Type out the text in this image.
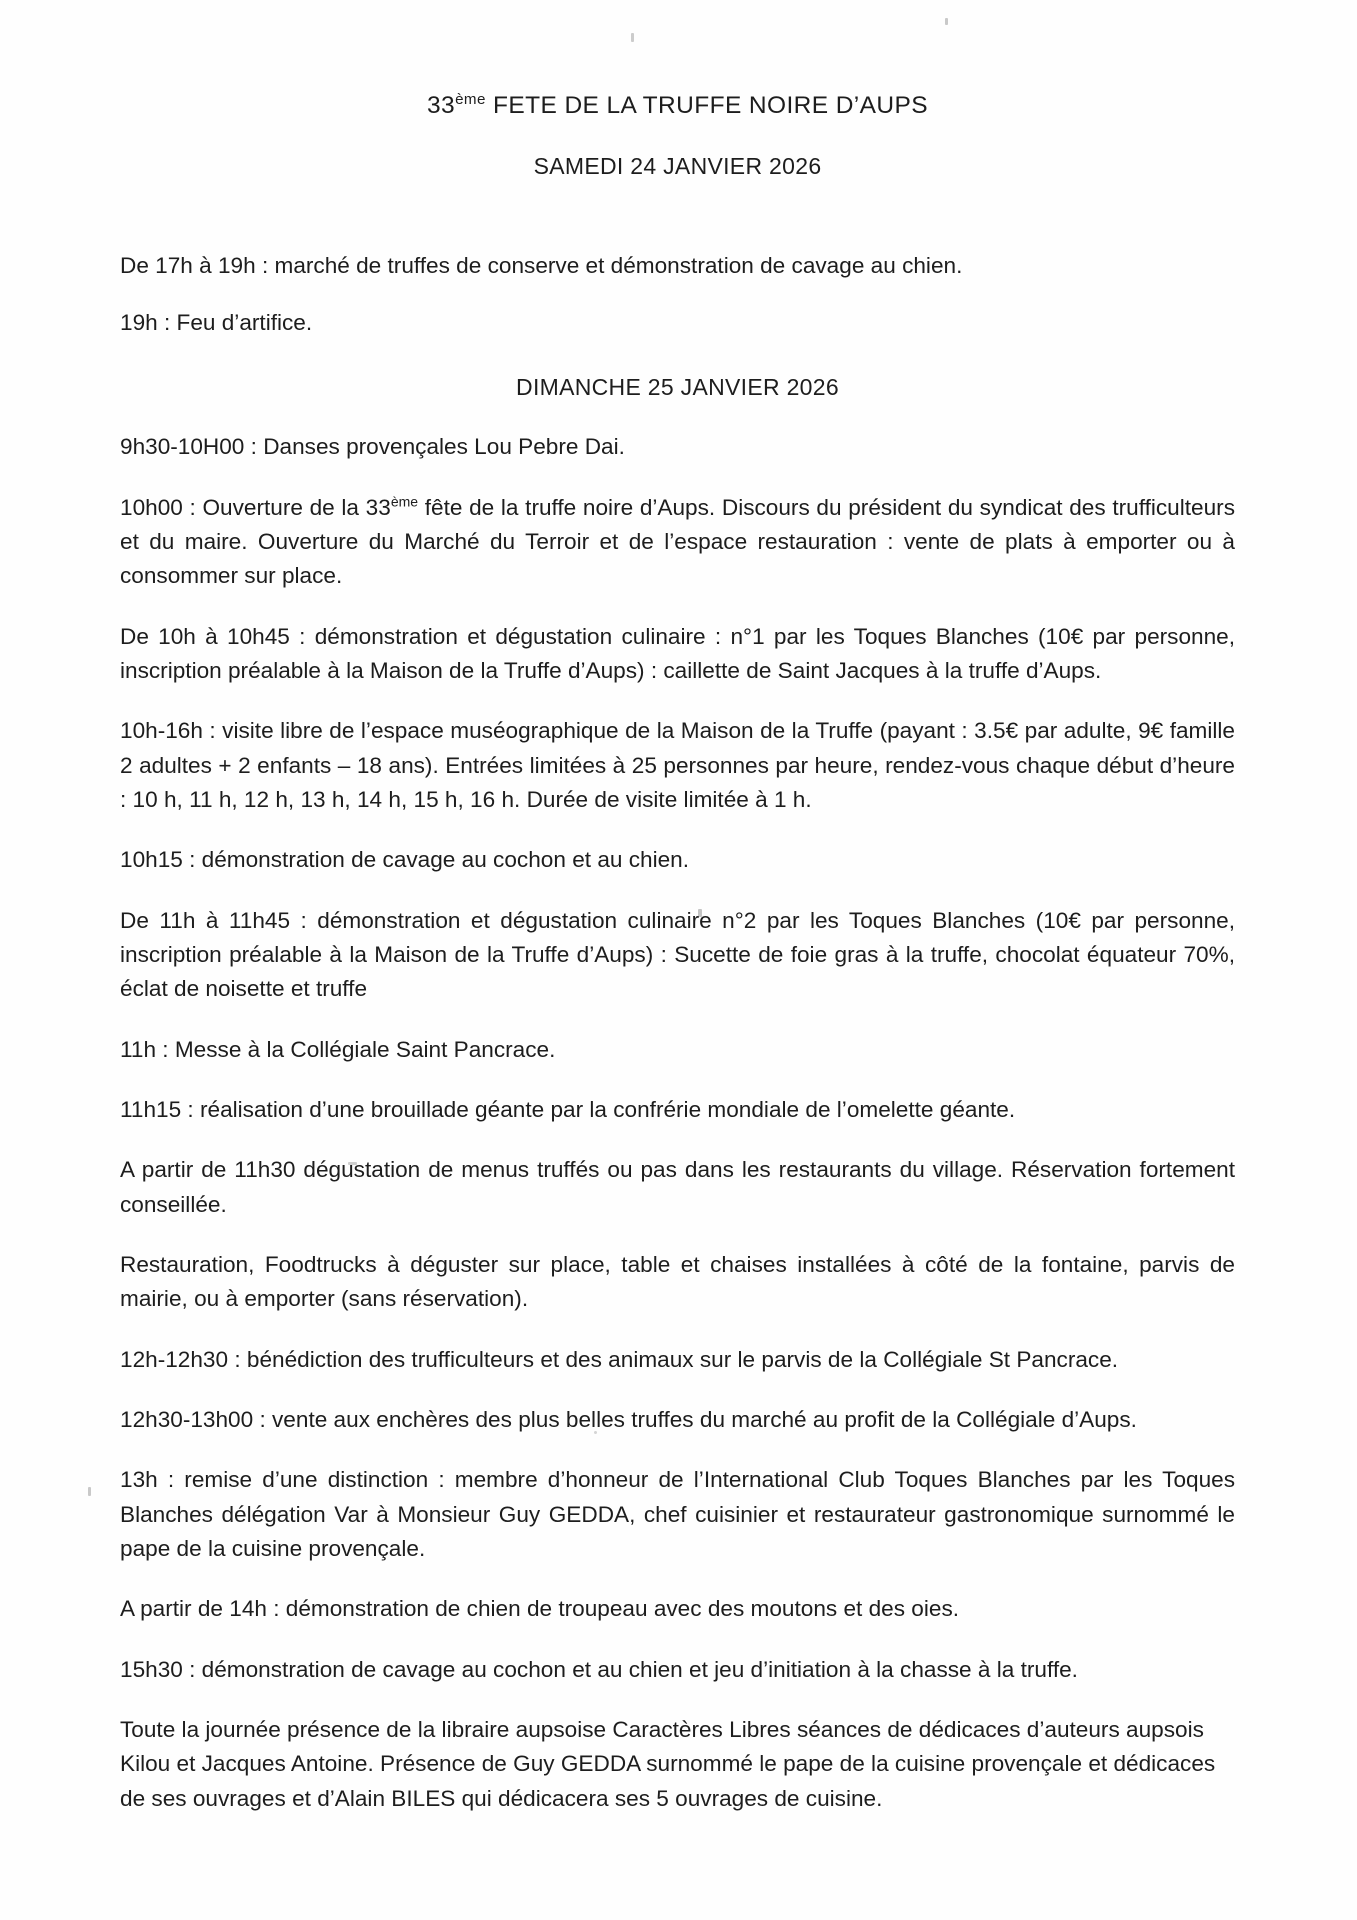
33ème FETE DE LA TRUFFE NOIRE D’AUPS
SAMEDI 24 JANVIER 2026

De 17h à 19h : marché de truffes de conserve et démonstration de cavage au chien.

19h : Feu d’artifice.

DIMANCHE 25 JANVIER 2026

9h30-10H00 : Danses provençales Lou Pebre Dai.

10h00 : Ouverture de la 33ème fête de la truffe noire d’Aups. Discours du président du syndicat des trufficulteurs et du maire. Ouverture du Marché du Terroir et de l’espace restauration : vente de plats à emporter ou à consommer sur place.

De 10h à 10h45 : démonstration et dégustation culinaire : n°1 par les Toques Blanches (10€ par personne, inscription préalable à la Maison de la Truffe d’Aups) : caillette de Saint Jacques à la truffe d’Aups.

10h-16h : visite libre de l’espace muséographique de la Maison de la Truffe (payant : 3.5€ par adulte, 9€ famille 2 adultes + 2 enfants – 18 ans). Entrées limitées à 25 personnes par heure, rendez-vous chaque début d’heure : 10 h, 11 h, 12 h, 13 h, 14 h, 15 h, 16 h. Durée de visite limitée à 1 h.

10h15 : démonstration de cavage au cochon et au chien.

De 11h à 11h45 : démonstration et dégustation culinaire n°2 par les Toques Blanches (10€ par personne, inscription préalable à la Maison de la Truffe d’Aups) : Sucette de foie gras à la truffe, chocolat équateur 70%, éclat de noisette et truffe

11h : Messe à la Collégiale Saint Pancrace.

11h15 : réalisation d’une brouillade géante par la confrérie mondiale de l’omelette géante.

A partir de 11h30 dégustation de menus truffés ou pas dans les restaurants du village. Réservation fortement conseillée.

Restauration, Foodtrucks à déguster sur place, table et chaises installées à côté de la fontaine, parvis de mairie, ou à emporter (sans réservation).

12h-12h30 : bénédiction des trufficulteurs et des animaux sur le parvis de la Collégiale St Pancrace.

12h30-13h00 : vente aux enchères des plus belles truffes du marché au profit de la Collégiale d’Aups.

13h : remise d’une distinction : membre d’honneur de l’International Club Toques Blanches par les Toques Blanches délégation Var à Monsieur Guy GEDDA, chef cuisinier et restaurateur gastronomique surnommé le pape de la cuisine provençale.

A partir de 14h : démonstration de chien de troupeau avec des moutons et des oies.

15h30 : démonstration de cavage au cochon et au chien et jeu d’initiation à la chasse à la truffe.

Toute la journée présence de la libraire aupsoise Caractères Libres séances de dédicaces d’auteurs aupsois Kilou et Jacques Antoine. Présence de Guy GEDDA surnommé le pape de la cuisine provençale et dédicaces de ses ouvrages et d’Alain BILES qui dédicacera ses 5 ouvrages de cuisine.
